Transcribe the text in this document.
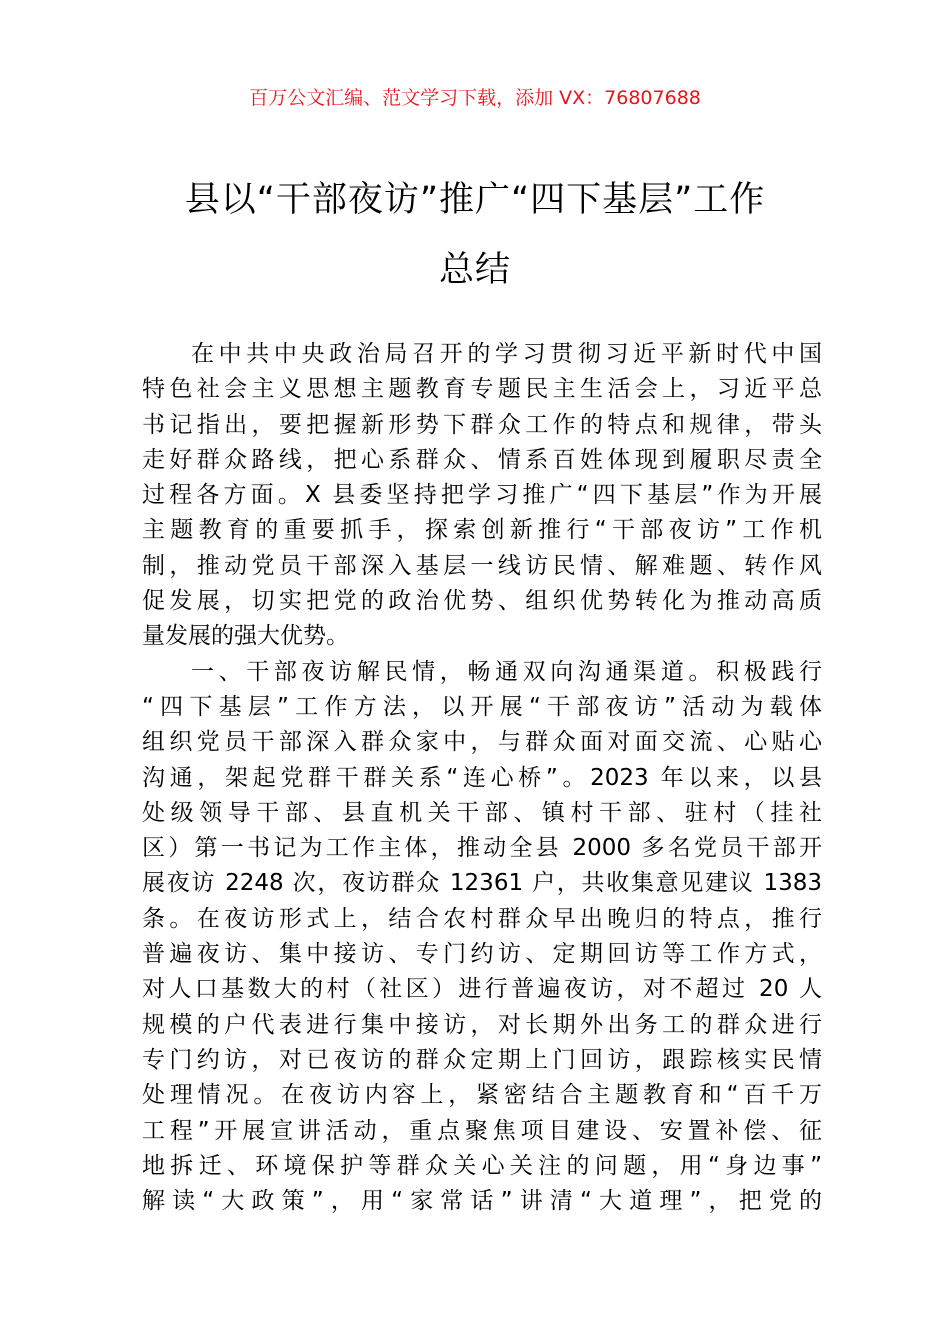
百万公文汇编、范文学习下载，添加 VX：76807688
县以“干部夜访”推广“四下基层”工作
总结
在中共中央政治局召开的学习贯彻习近平新时代中国
特色社会主义思想主题教育专题民主生活会上，习近平总
书记指出，要把握新形势下群众工作的特点和规律，带头
走好群众路线，把心系群众、情系百姓体现到履职尽责全
过程各方面。X 县委坚持把学习推广“四下基层”作为开展
主题教育的重要抓手，探索创新推行“干部夜访”工作机
制，推动党员干部深入基层一线访民情、解难题、转作风
促发展，切实把党的政治优势、组织优势转化为推动高质
量发展的强大优势。
一、干部夜访解民情，畅通双向沟通渠道。积极践行
“四下基层”工作方法，以开展“干部夜访”活动为载体
组织党员干部深入群众家中，与群众面对面交流、心贴心
沟通，架起党群干群关系“连心桥”。2023 年以来，以县
处级领导干部、县直机关干部、镇村干部、驻村（挂社
区）第一书记为工作主体，推动全县 2000 多名党员干部开
展夜访 2248 次，夜访群众 12361 户，共收集意见建议 1383
条。在夜访形式上，结合农村群众早出晚归的特点，推行
普遍夜访、集中接访、专门约访、定期回访等工作方式，
对人口基数大的村（社区）进行普遍夜访，对不超过 20 人
规模的户代表进行集中接访，对长期外出务工的群众进行
专门约访，对已夜访的群众定期上门回访，跟踪核实民情
处理情况。在夜访内容上，紧密结合主题教育和“百千万
工程”开展宣讲活动，重点聚焦项目建设、安置补偿、征
地拆迁、环境保护等群众关心关注的问题，用“身边事”
解读“大政策”，用“家常话”讲清“大道理”，把党的
